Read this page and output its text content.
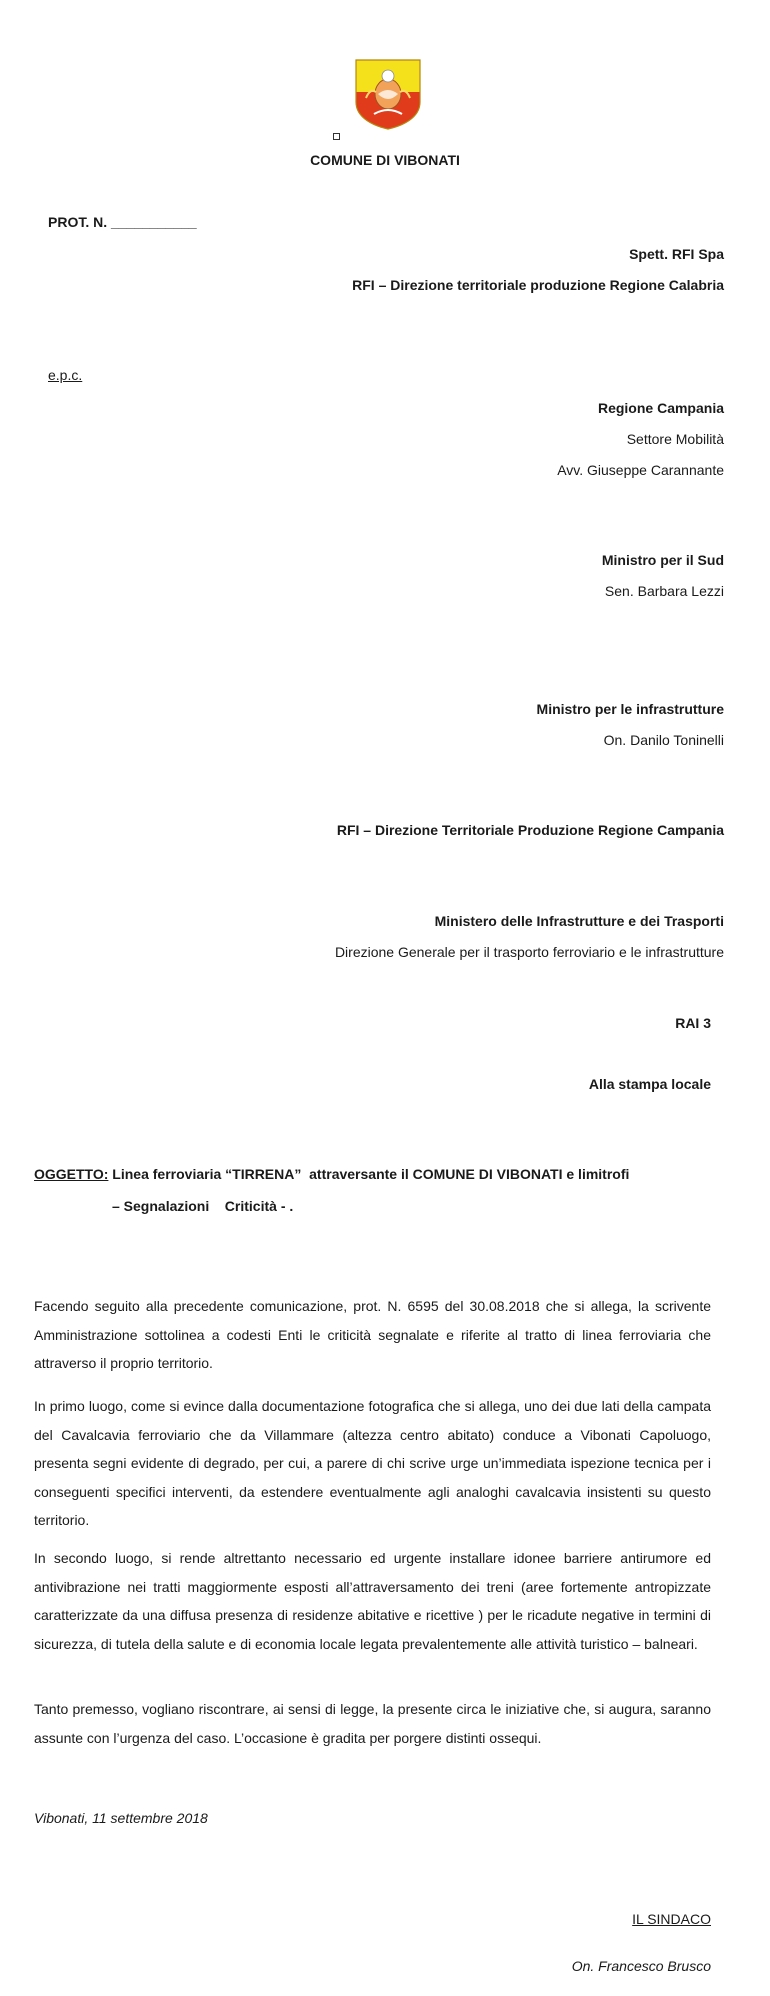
COMUNE DI VIBONATI
PROT. N. ___________
Spett. RFI Spa
RFI – Direzione territoriale produzione Regione Calabria
e.p.c.
Regione Campania
Settore Mobilità
Avv. Giuseppe Carannante
Ministro per il Sud
Sen. Barbara Lezzi
Ministro per le infrastrutture
On. Danilo Toninelli
RFI – Direzione Territoriale Produzione Regione Campania
Ministero delle Infrastrutture e dei Trasporti
Direzione Generale per il trasporto ferroviario e le infrastrutture
RAI 3
Alla stampa locale
OGGETTO: Linea ferroviaria “TIRRENA”  attraversante il COMUNE DI VIBONATI e limitrofi
– Segnalazioni    Criticità - .

Facendo seguito alla precedente comunicazione, prot. N. 6595 del 30.08.2018 che si allega, la scrivente Amministrazione sottolinea a codesti Enti le criticità segnalate e riferite al tratto di linea ferroviaria che attraverso il proprio territorio.

In primo luogo, come si evince dalla documentazione fotografica che si allega, uno dei due lati della campata del Cavalcavia ferroviario che da Villammare (altezza centro abitato) conduce a Vibonati Capoluogo, presenta segni evidente di degrado, per cui, a parere di chi scrive urge un’immediata ispezione tecnica per i conseguenti specifici interventi, da estendere eventualmente agli analoghi cavalcavia insistenti su questo territorio.

In secondo luogo, si rende altrettanto necessario ed urgente installare idonee barriere antirumore ed antivibrazione nei tratti maggiormente esposti all’attraversamento dei treni (aree fortemente antropizzate caratterizzate da una diffusa presenza di residenze abitative e ricettive ) per le ricadute negative in termini di sicurezza, di tutela della salute e di economia locale legata prevalentemente alle attività turistico – balneari.

Tanto premesso, vogliano riscontrare, ai sensi di legge, la presente circa le iniziative che, si augura, saranno assunte con l’urgenza del caso. L’occasione è gradita per porgere distinti ossequi.

Vibonati, 11 settembre 2018
IL SINDACO
On. Francesco Brusco
